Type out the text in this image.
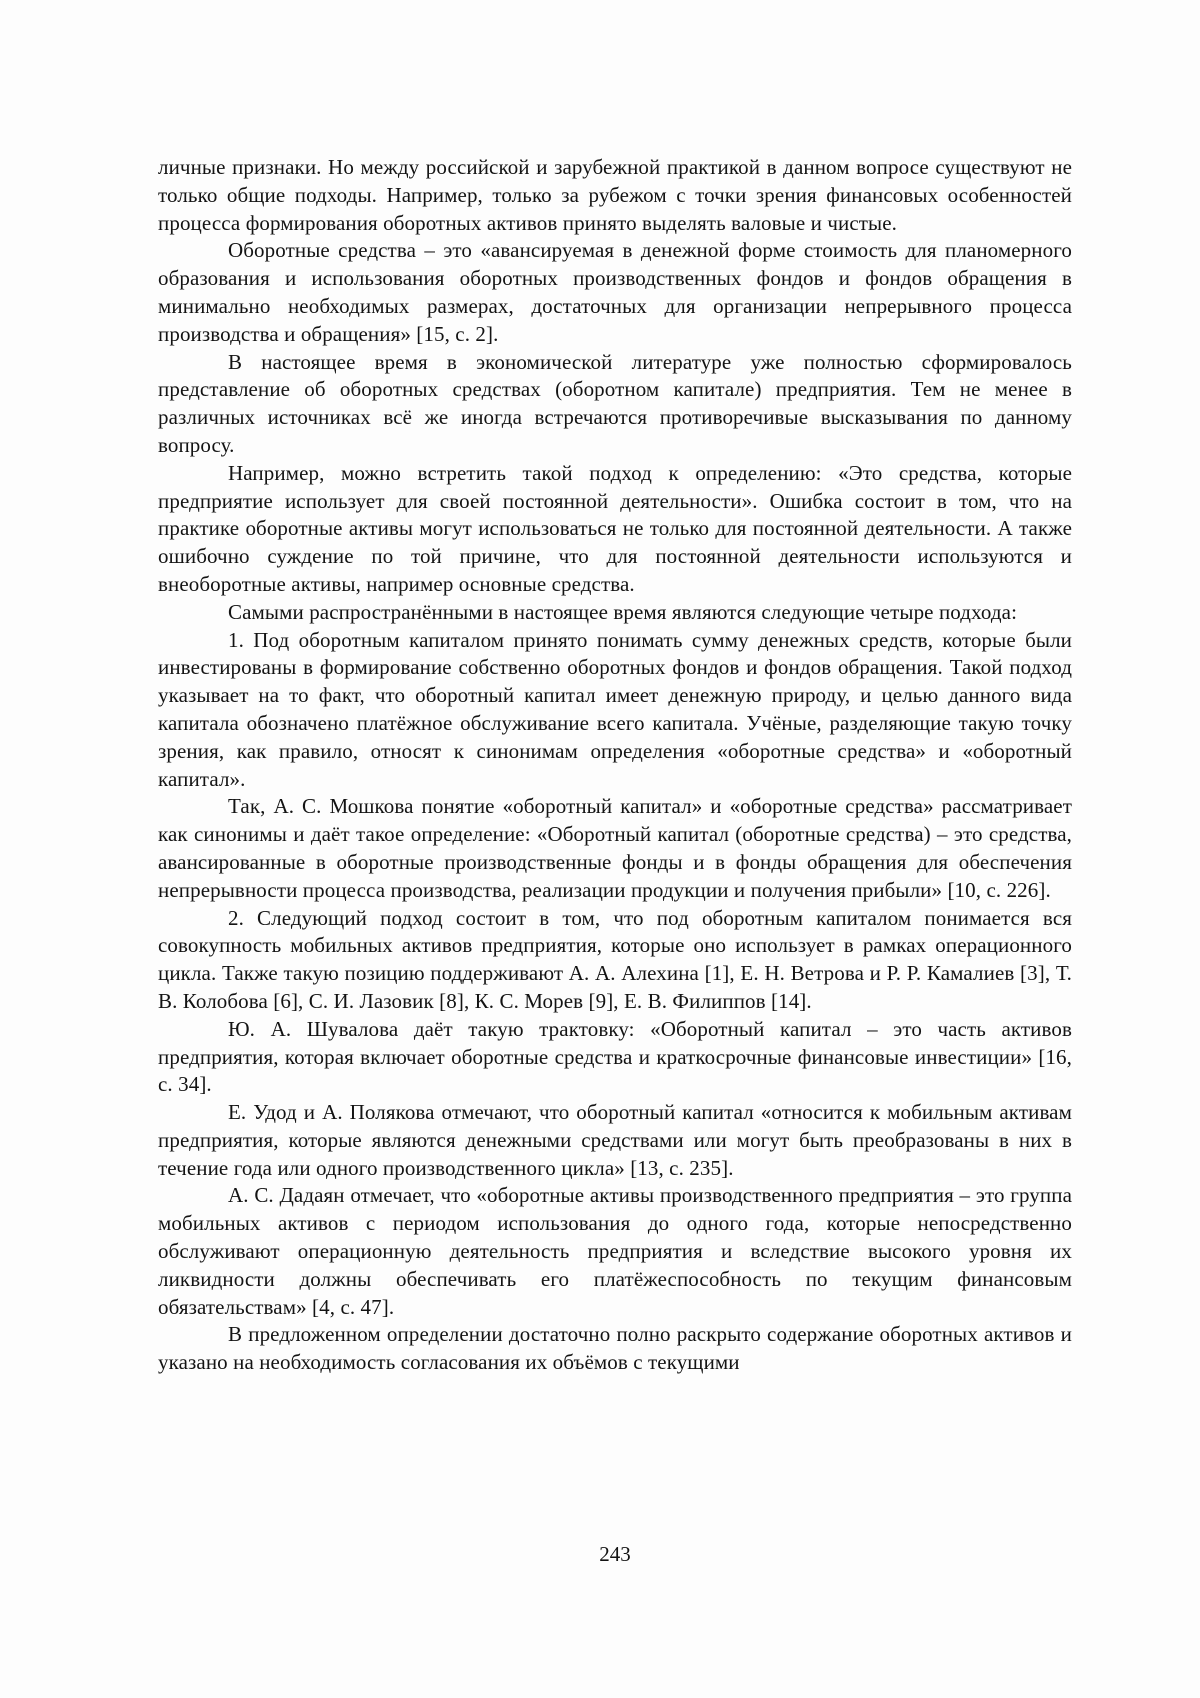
личные признаки. Но между российской и зарубежной практикой в данном вопросе существуют не только общие подходы. Например, только за рубежом с точки зрения финансовых особенностей процесса формирования оборотных активов принято выделять валовые и чистые.

Оборотные средства – это «авансируемая в денежной форме стоимость для планомерного образования и использования оборотных производственных фондов и фондов обращения в минимально необходимых размерах, достаточных для организации непрерывного процесса производства и обращения» [15, с. 2].

В настоящее время в экономической литературе уже полностью сформировалось представление об оборотных средствах (оборотном капитале) предприятия. Тем не менее в различных источниках всё же иногда встречаются противоречивые высказывания по данному вопросу.

Например, можно встретить такой подход к определению: «Это средства, которые предприятие использует для своей постоянной деятельности». Ошибка состоит в том, что на практике оборотные активы могут использоваться не только для постоянной деятельности. А также ошибочно суждение по той причине, что для постоянной деятельности используются и внеоборотные активы, например основные средства.

Самыми распространёнными в настоящее время являются следующие четыре подхода:

1. Под оборотным капиталом принято понимать сумму денежных средств, которые были инвестированы в формирование собственно оборотных фондов и фондов обращения. Такой подход указывает на то факт, что оборотный капитал имеет денежную природу, и целью данного вида капитала обозначено платёжное обслуживание всего капитала. Учёные, разделяющие такую точку зрения, как правило, относят к синонимам определения «оборотные средства» и «оборотный капитал».

Так, А. С. Мошкова понятие «оборотный капитал» и «оборотные средства» рассматривает как синонимы и даёт такое определение: «Оборотный капитал (оборотные средства) – это средства, авансированные в оборотные производственные фонды и в фонды обращения для обеспечения непрерывности процесса производства, реализации продукции и получения прибыли» [10, с. 226].

2. Следующий подход состоит в том, что под оборотным капиталом понимается вся совокупность мобильных активов предприятия, которые оно использует в рамках операционного цикла. Также такую позицию поддерживают А. А. Алехина [1], Е. Н. Ветрова и Р. Р. Камалиев [3], Т. В. Колобова [6], С. И. Лазовик [8], К. С. Морев [9], Е. В. Филиппов [14].

Ю. А. Шувалова даёт такую трактовку: «Оборотный капитал – это часть активов предприятия, которая включает оборотные средства и краткосрочные финансовые инвестиции» [16, с. 34].

Е. Удод и А. Полякова отмечают, что оборотный капитал «относится к мобильным активам предприятия, которые являются денежными средствами или могут быть преобразованы в них в течение года или одного производственного цикла» [13, с. 235].

А. С. Дадаян отмечает, что «оборотные активы производственного предприятия – это группа мобильных активов с периодом использования до одного года, которые непосредственно обслуживают операционную деятельность предприятия и вследствие высокого уровня их ликвидности должны обеспечивать его платёжеспособность по текущим финансовым обязательствам» [4, с. 47].

В предложенном определении достаточно полно раскрыто содержание оборотных активов и указано на необходимость согласования их объёмов с текущими

243
